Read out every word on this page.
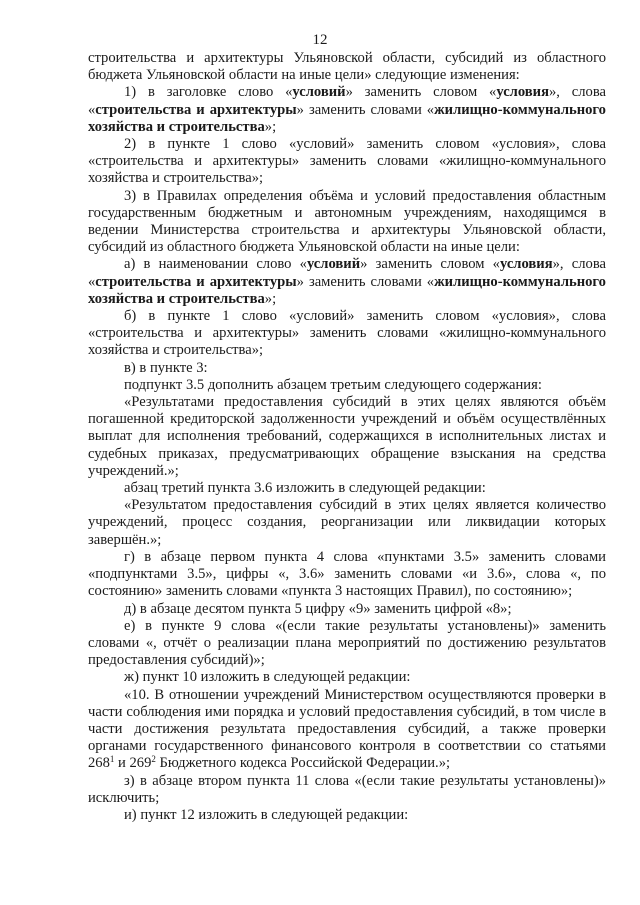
12

строительства и архитектуры Ульяновской области, субсидий из областного бюджета Ульяновской области на иные цели» следующие изменения:

1) в заголовке слово «условий» заменить словом «условия», слова «строительства и архитектуры» заменить словами «жилищно-коммунального хозяйства и строительства»;

2) в пункте 1 слово «условий» заменить словом «условия», слова «строительства и архитектуры» заменить словами «жилищно-коммунального хозяйства и строительства»;

3) в Правилах определения объёма и условий предоставления областным государственным бюджетным и автономным учреждениям, находящимся в ведении Министерства строительства и архитектуры Ульяновской области, субсидий из областного бюджета Ульяновской области на иные цели:

а) в наименовании слово «условий» заменить словом «условия», слова «строительства и архитектуры» заменить словами «жилищно-коммунального хозяйства и строительства»;

б) в пункте 1 слово «условий» заменить словом «условия», слова «строительства и архитектуры» заменить словами «жилищно-коммунального хозяйства и строительства»;

в) в пункте 3:

подпункт 3.5 дополнить абзацем третьим следующего содержания:

«Результатами предоставления субсидий в этих целях являются объём погашенной кредиторской задолженности учреждений и объём осуществлённых выплат для исполнения требований, содержащихся в исполнительных листах и судебных приказах, предусматривающих обращение взыскания на средства учреждений.»;

абзац третий пункта 3.6 изложить в следующей редакции:

«Результатом предоставления субсидий в этих целях является количество учреждений, процесс создания, реорганизации или ликвидации которых завершён.»;

г) в абзаце первом пункта 4 слова «пунктами 3.5» заменить словами «подпунктами 3.5», цифры «, 3.6» заменить словами «и 3.6», слова «, по состоянию» заменить словами «пункта 3 настоящих Правил), по состоянию»;

д) в абзаце десятом пункта 5 цифру «9» заменить цифрой «8»;

е) в пункте 9 слова «(если такие результаты установлены)» заменить словами «, отчёт о реализации плана мероприятий по достижению результатов предоставления субсидий)»;

ж) пункт 10 изложить в следующей редакции:

«10. В отношении учреждений Министерством осуществляются проверки в части соблюдения ими порядка и условий предоставления субсидий, в том числе в части достижения результата предоставления субсидий, а также проверки органами государственного финансового контроля в соответствии со статьями $268^1$ и $269^2$ Бюджетного кодекса Российской Федерации.»;

з) в абзаце втором пункта 11 слова «(если такие результаты установлены)» исключить;

и) пункт 12 изложить в следующей редакции:
